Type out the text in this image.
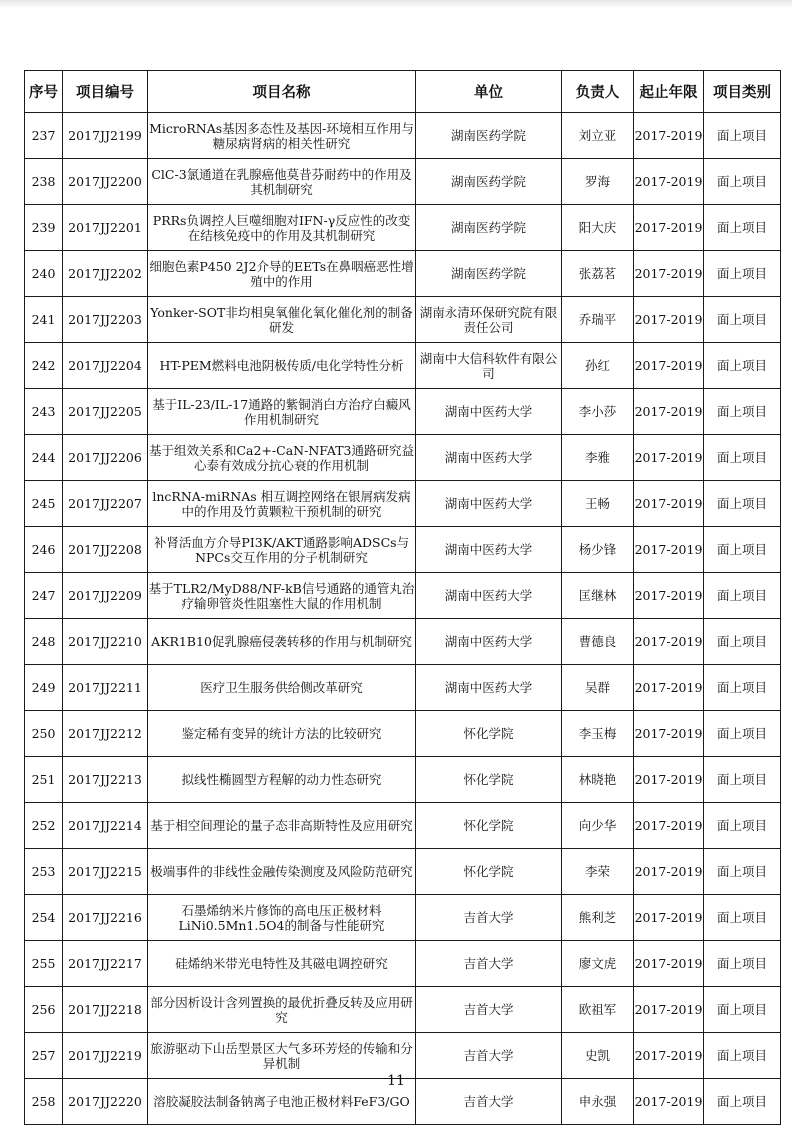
序号	项目编号	项目名称	单位	负责人	起止年限	项目类别
237	2017JJ2199	MicroRNAs基因多态性及基因-环境相互作用与糖尿病肾病的相关性研究	湖南医药学院	刘立亚	2017-2019	面上项目
238	2017JJ2200	ClC-3氯通道在乳腺癌他莫昔芬耐药中的作用及其机制研究	湖南医药学院	罗海	2017-2019	面上项目
239	2017JJ2201	PRRs负调控人巨噬细胞对IFN-γ反应性的改变在结核免疫中的作用及其机制研究	湖南医药学院	阳大庆	2017-2019	面上项目
240	2017JJ2202	细胞色素P450 2J2介导的EETs在鼻咽癌恶性增殖中的作用	湖南医药学院	张荔茗	2017-2019	面上项目
241	2017JJ2203	Yonker-SOT非均相臭氧催化氧化催化剂的制备研发	湖南永清环保研究院有限责任公司	乔瑞平	2017-2019	面上项目
242	2017JJ2204	HT-PEM燃料电池阴极传质/电化学特性分析	湖南中大信科软件有限公司	孙红	2017-2019	面上项目
243	2017JJ2205	基于IL-23/IL-17通路的紫铜消白方治疗白癜风作用机制研究	湖南中医药大学	李小莎	2017-2019	面上项目
244	2017JJ2206	基于组效关系和Ca2+-CaN-NFAT3通路研究益心泰有效成分抗心衰的作用机制	湖南中医药大学	李雅	2017-2019	面上项目
245	2017JJ2207	lncRNA-miRNAs 相互调控网络在银屑病发病中的作用及竹黄颗粒干预机制的研究	湖南中医药大学	王畅	2017-2019	面上项目
246	2017JJ2208	补肾活血方介导PI3K/AKT通路影响ADSCs与NPCs交互作用的分子机制研究	湖南中医药大学	杨少锋	2017-2019	面上项目
247	2017JJ2209	基于TLR2/MyD88/NF-kB信号通路的通管丸治疗输卵管炎性阻塞性大鼠的作用机制	湖南中医药大学	匡继林	2017-2019	面上项目
248	2017JJ2210	AKR1B10促乳腺癌侵袭转移的作用与机制研究	湖南中医药大学	曹德良	2017-2019	面上项目
249	2017JJ2211	医疗卫生服务供给侧改革研究	湖南中医药大学	吴群	2017-2019	面上项目
250	2017JJ2212	鉴定稀有变异的统计方法的比较研究	怀化学院	李玉梅	2017-2019	面上项目
251	2017JJ2213	拟线性椭圆型方程解的动力性态研究	怀化学院	林晓艳	2017-2019	面上项目
252	2017JJ2214	基于相空间理论的量子态非高斯特性及应用研究	怀化学院	向少华	2017-2019	面上项目
253	2017JJ2215	极端事件的非线性金融传染测度及风险防范研究	怀化学院	李荣	2017-2019	面上项目
254	2017JJ2216	石墨烯纳米片修饰的高电压正极材料LiNi0.5Mn1.5O4的制备与性能研究	吉首大学	熊利芝	2017-2019	面上项目
255	2017JJ2217	硅烯纳米带光电特性及其磁电调控研究	吉首大学	廖文虎	2017-2019	面上项目
256	2017JJ2218	部分因析设计含列置换的最优折叠反转及应用研究	吉首大学	欧祖军	2017-2019	面上项目
257	2017JJ2219	旅游驱动下山岳型景区大气多环芳烃的传输和分异机制	吉首大学	史凯	2017-2019	面上项目
258	2017JJ2220	溶胶凝胶法制备钠离子电池正极材料FeF3/GO	吉首大学	申永强	2017-2019	面上项目
11
